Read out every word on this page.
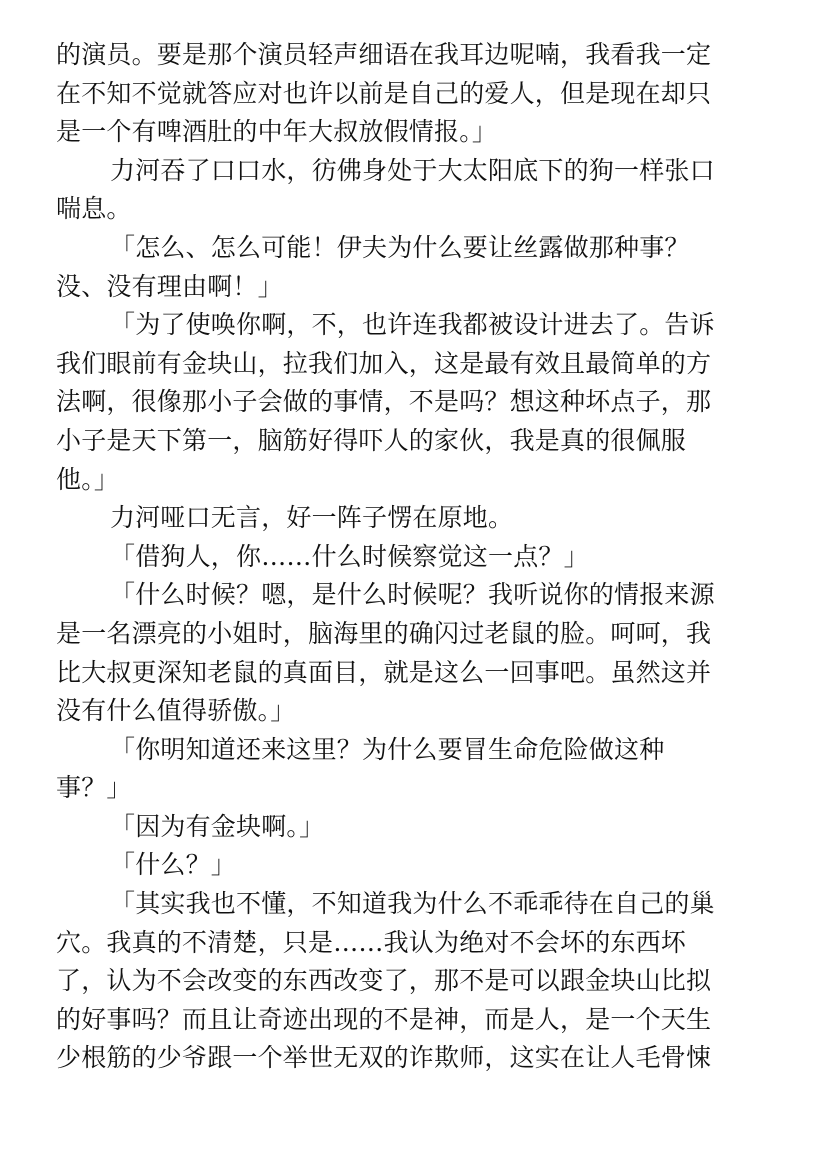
的演员。要是那个演员轻声细语在我耳边呢喃，我看我一定
在不知不觉就答应对也许以前是自己的爱人，但是现在却只
是一个有啤酒肚的中年大叔放假情报。」
力河吞了口口水，彷佛身处于大太阳底下的狗一样张口
喘息。
「怎么、怎么可能！伊夫为什么要让丝露做那种事？
没、没有理由啊！」
「为了使唤你啊，不，也许连我都被设计进去了。告诉
我们眼前有金块山，拉我们加入，这是最有效且最简单的方
法啊，很像那小子会做的事情，不是吗？想这种坏点子，那
小子是天下第一，脑筋好得吓人的家伙，我是真的很佩服
他。」
力河哑口无言，好一阵子愣在原地。
「借狗人，你……什么时候察觉这一点？」
「什么时候？嗯，是什么时候呢？我听说你的情报来源
是一名漂亮的小姐时，脑海里的确闪过老鼠的脸。呵呵，我
比大叔更深知老鼠的真面目，就是这么一回事吧。虽然这并
没有什么值得骄傲。」
「你明知道还来这里？为什么要冒生命危险做这种
事？」
「因为有金块啊。」
「什么？」
「其实我也不懂，不知道我为什么不乖乖待在自己的巢
穴。我真的不清楚，只是……我认为绝对不会坏的东西坏
了，认为不会改变的东西改变了，那不是可以跟金块山比拟
的好事吗？而且让奇迹出现的不是神，而是人，是一个天生
少根筋的少爷跟一个举世无双的诈欺师，这实在让人毛骨悚
